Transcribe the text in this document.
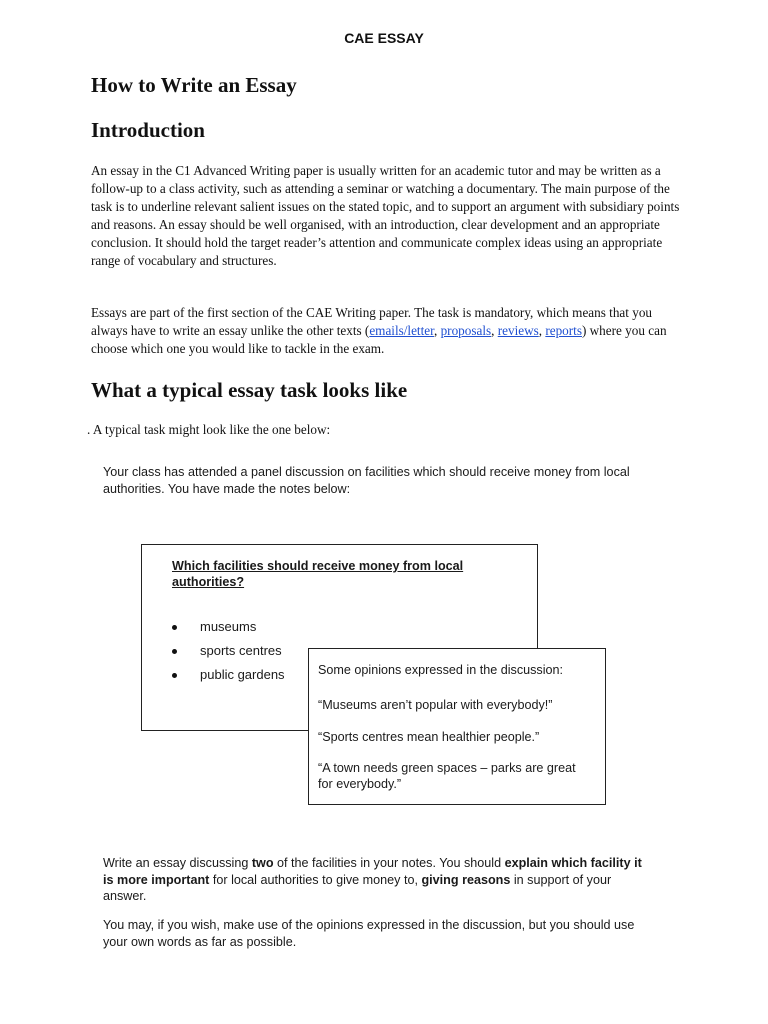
CAE ESSAY
How to Write an Essay
Introduction

An essay in the C1 Advanced Writing paper is usually written for an academic tutor and may be written as a follow-up to a class activity, such as attending a seminar or watching a documentary. The main purpose of the task is to underline relevant salient issues on the stated topic, and to support an argument with subsidiary points and reasons. An essay should be well organised, with an introduction, clear development and an appropriate conclusion. It should hold the target reader’s attention and communicate complex ideas using an appropriate range of vocabulary and structures.

Essays are part of the first section of the CAE Writing paper. The task is mandatory, which means that you always have to write an essay unlike the other texts (emails/letter, proposals, reviews, reports) where you can choose which one you would like to tackle in the exam.

What a typical essay task looks like
. A typical task might look like the one below:

Your class has attended a panel discussion on facilities which should receive money from local authorities. You have made the notes below:

Which facilities should receive money from local authorities?

museums
sports centres
public gardens	Some opinions expressed in the discussion:

“Museums aren’t popular with everybody!”

“Sports centres mean healthier people.”

“A town needs green spaces – parks are great for everybody.”

Write an essay discussing two of the facilities in your notes. You should explain which facility it is more important for local authorities to give money to, giving reasons in support of your answer.

You may, if you wish, make use of the opinions expressed in the discussion, but you should use your own words as far as possible.
